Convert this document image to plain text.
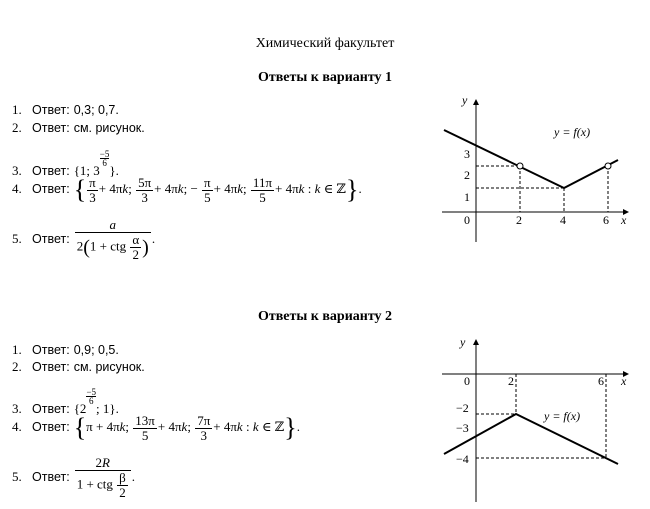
Химический факультет
Ответы к варианту 1
1. Ответ: 0,3; 0,7.
2. Ответ: см. рисунок.
3. Ответ: {1; 3−5
6 }.
4. Ответ: { $\frac{\pi}{3} + 4\pi k$; $\frac{5\pi}{3} + 4\pi k$; − $\frac{\pi}{5} + 4\pi k$; $\frac{11\pi}{5} + 4\pi k$ : k ∈ ℤ}.
5. Ответ: $\frac{a}{2(1 + ctg \frac{\alpha}{2} )}$ .
y
x
0	2	4	6
1
2
3
y = f(x)
Ответы к варианту 2
1. Ответ: 0,9; 0,5.
2. Ответ: см. рисунок.
3. Ответ: {2−5
6 ; 1}.
4. Ответ: {π + 4πk; $\frac{13\pi}{5} + 4\pi k$; $\frac{7\pi}{3} + 4\pi k$ : k ∈ ℤ}.
5. Ответ: $\frac{2R}{1 + ctg \frac{\beta}{2}}$ .
y
x
0	2	6
−2
−3
−4
y = f(x)
